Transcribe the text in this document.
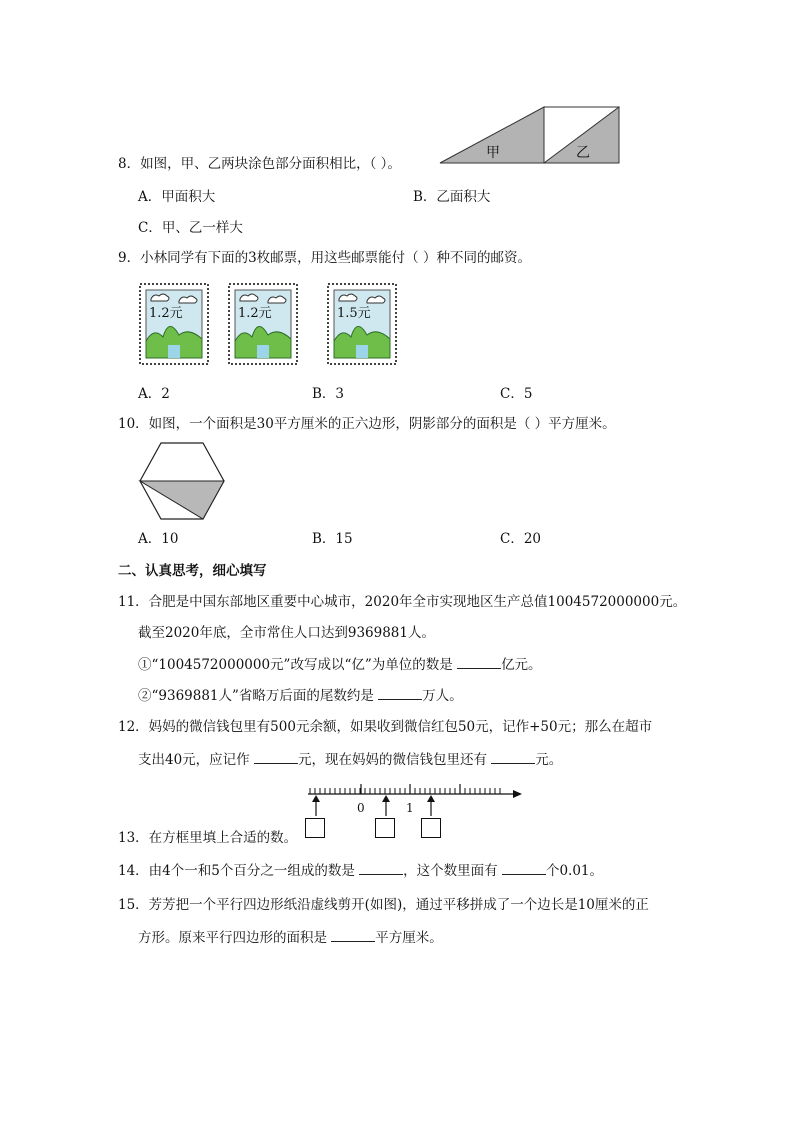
8．如图，甲、乙两块涂色部分面积相比，（ ）。
甲	乙
A．甲面积大	B．乙面积大
C．甲、乙一样大
9．小林同学有下面的3枚邮票，用这些邮票能付（ ）种不同的邮资。
1.2元	1.2元	1.5元
A．2	B．3	C．5
10．如图，一个面积是30平方厘米的正六边形，阴影部分的面积是（ ）平方厘米。
A．10	B．15	C．20
二、认真思考，细心填写
11．合肥是中国东部地区重要中心城市，2020年全市实现地区生产总值1004572000000元。
截至2020年底，全市常住人口达到9369881人。
①“1004572000000元”改写成以“亿”为单位的数是	亿元。
②“9369881人”省略万后面的尾数约是	万人。
12．妈妈的微信钱包里有500元余额，如果收到微信红包50元，记作+50元；那么在超市
支出40元，应记作	元，现在妈妈的微信钱包里还有	元。
0	1
13．在方框里填上合适的数。
14．由4个一和5个百分之一组成的数是	，这个数里面有	个0.01。
15．芳芳把一个平行四边形纸沿虚线剪开(如图)，通过平移拼成了一个边长是10厘米的正
方形。原来平行四边形的面积是	平方厘米。
